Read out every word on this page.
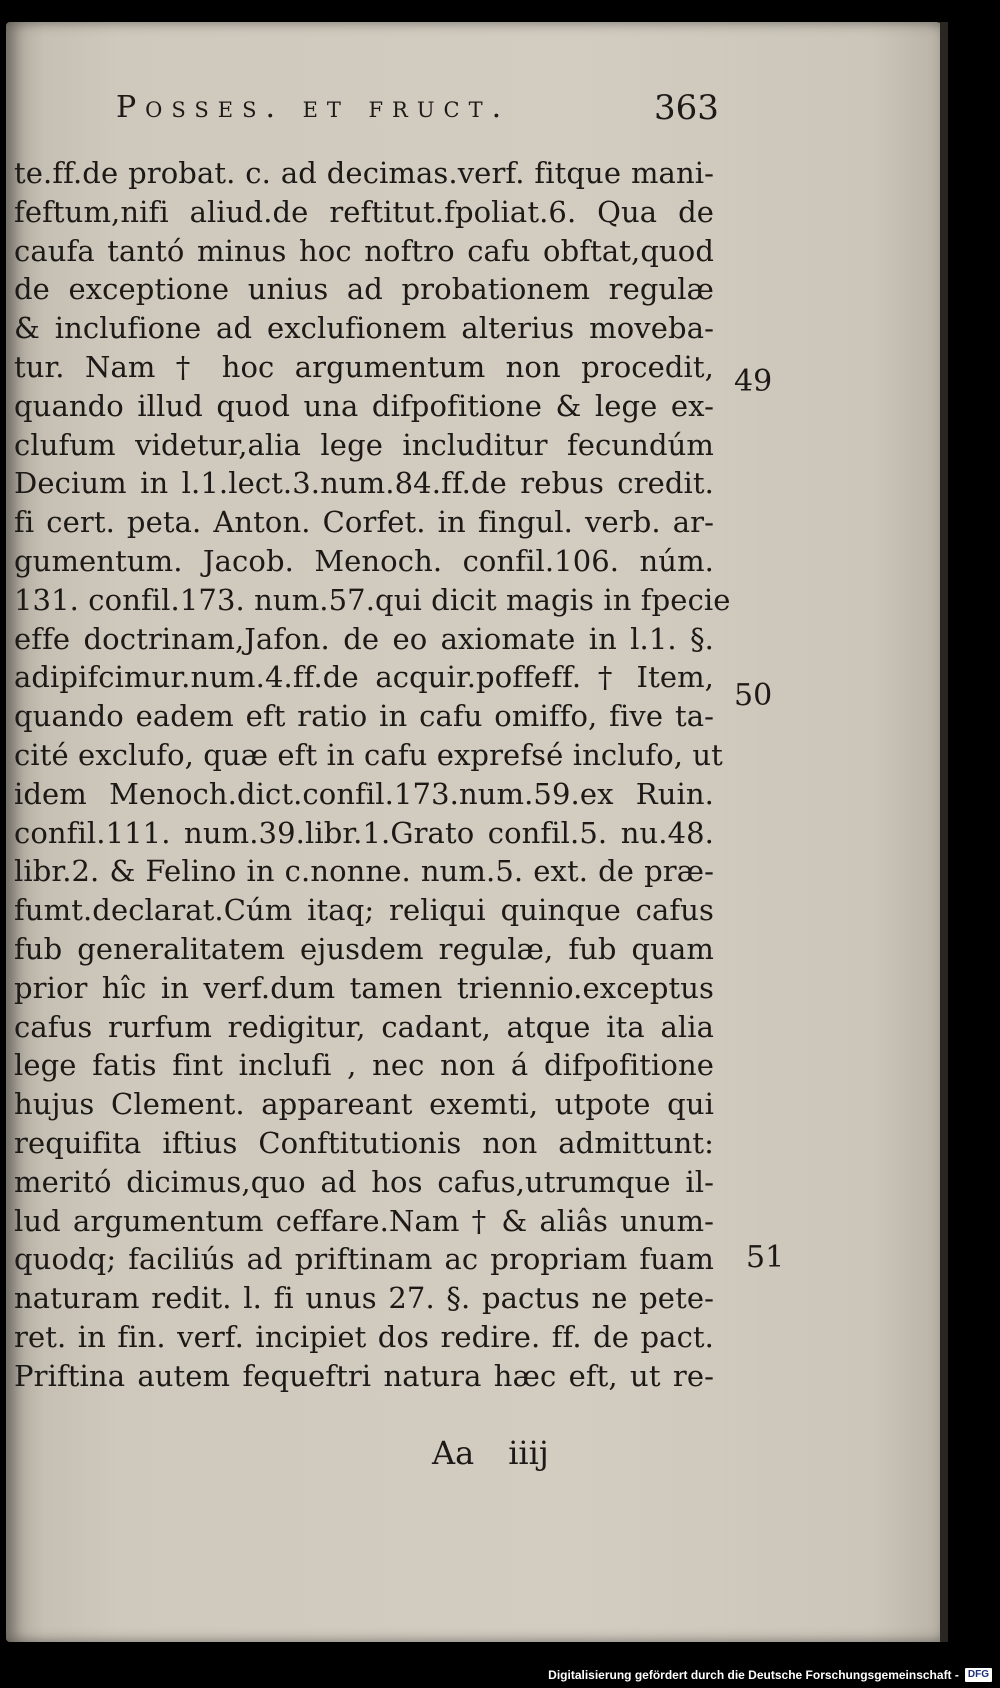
Posses. et fruct.	363
te.ff.de probat. c. ad decimas.verf. fitque mani-
feftum,nifi aliud.de reftitut.fpoliat.6. Qua de
caufa tantó minus hoc noftro cafu obftat,quod
de exceptione unius ad probationem regulæ
& inclufione ad exclufionem alterius moveba-
tur. Nam † hoc argumentum non procedit,
quando illud quod una difpofitione & lege ex-
clufum videtur,alia lege includitur fecundúm
Decium in l.1.lect.3.num.84.ff.de rebus credit.
fi cert. peta. Anton. Corfet. in fingul. verb. ar-
gumentum. Jacob. Menoch. confil.106. núm.
131. confil.173. num.57.qui dicit magis in fpecie
effe doctrinam,Jafon. de eo axiomate in l.1. §.
adipifcimur.num.4.ff.de acquir.poffeff. † Item,
quando eadem eft ratio in cafu omiffo, five ta-
cité exclufo, quæ eft in cafu exprefsé inclufo, ut
idem Menoch.dict.confil.173.num.59.ex Ruin.
confil.111. num.39.libr.1.Grato confil.5. nu.48.
libr.2. & Felino in c.nonne. num.5. ext. de præ-
fumt.declarat.Cúm itaq; reliqui quinque cafus
fub generalitatem ejusdem regulæ, fub quam
prior hîc in verf.dum tamen triennio.exceptus
cafus rurfum redigitur, cadant, atque ita alia
lege fatis fint inclufi , nec non á difpofitione
hujus Clement. appareant exemti, utpote qui
requifita iftius Conftitutionis non admittunt:
meritó dicimus,quo ad hos cafus,utrumque il-
lud argumentum ceffare.Nam † & aliâs unum-
quodq; faciliús ad priftinam ac propriam fuam
naturam redit. l. fi unus 27. §. pactus ne pete-
ret. in fin. verf. incipiet dos redire. ff. de pact.
Priftina autem fequeftri natura hæc eft, ut re-
49
50
51
Aa iiij
Digitalisierung gefördert durch die Deutsche Forschungsgemeinschaft - DFG
